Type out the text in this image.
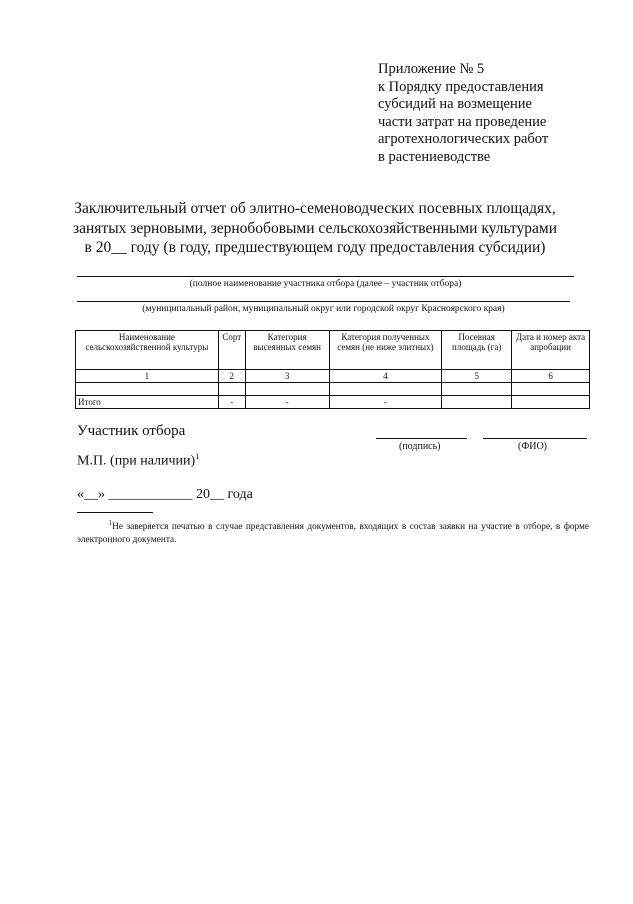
Приложение № 5
к Порядку предоставления
субсидий на возмещение
части затрат на проведение
агротехнологических работ
в растениеводстве
Заключительный отчет об элитно-семеноводческих посевных площадях,
занятых зерновыми, зернобобовыми сельскохозяйственными культурами
в 20__ году (в году, предшествующем году предоставления субсидии)
(полное наименование участника отбора (далее – участник отбора)
(муниципальный район, муниципальный округ или городской округ Красноярского края)
Наименование сельскохозяйственной культуры	Сорт	Категория высеянных семян	Категория полученных семян (не ниже элитных)	Посевная площадь (га)	Дата и номер акта апробации
1	2	3	4	5	6

Итого	-	-	-		
Участник отбора
(подпись)	(ФИО)
М.П. (при наличии)$^1$
«__» ____________ 20__ года
$^1$Не заверяется печатью в случае представления документов, входящих в состав заявки на участие в отборе, в форме электронного документа.
